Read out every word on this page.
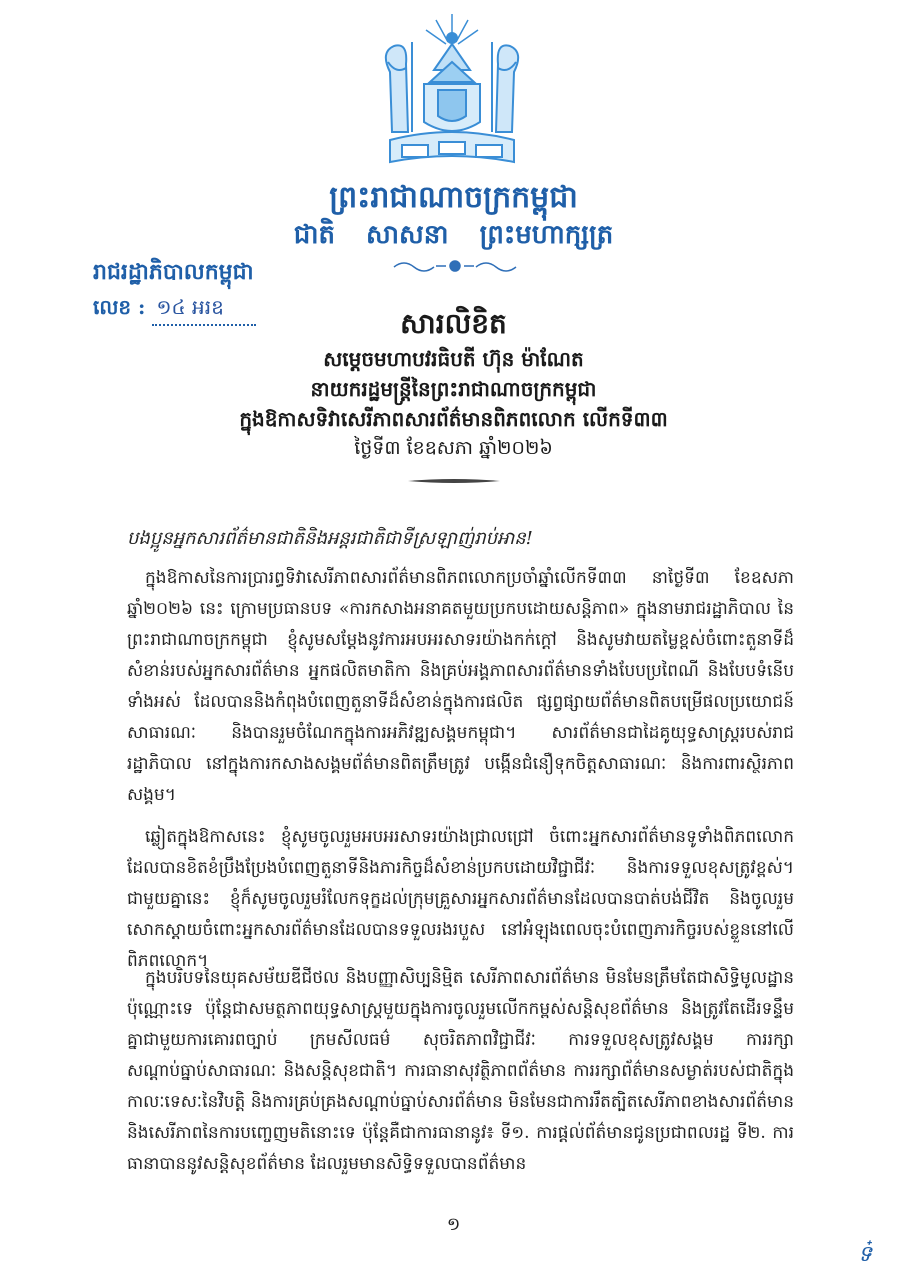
ព្រះរាជាណាចក្រកម្ពុជា
ជាតិ សាសនា ព្រះមហាក្សត្រ
រាជរដ្ឋាភិបាលកម្ពុជា
លេខ : ១៤ អរឧ	សារលិខិត
សម្តេចមហាបវរធិបតី ហ៊ុន ម៉ាណែត
នាយករដ្ឋមន្ត្រីនៃព្រះរាជាណាចក្រកម្ពុជា
ក្នុងឱកាសទិវាសេរីភាពសារព័ត៌មានពិភពលោក លើកទី៣៣
ថ្ងៃទី៣ ខែឧសភា ឆ្នាំ២០២៦
បងប្អូនអ្នកសារព័ត៌មានជាតិនិងអន្តរជាតិជាទីស្រឡាញ់រាប់អាន!
ក្នុងឱកាសនៃការប្រារព្ធទិវាសេរីភាពសារព័ត៌មានពិភពលោកប្រចាំឆ្នាំលើកទី៣៣ នាថ្ងៃទី៣ ខែឧសភា ឆ្នាំ២០២៦ នេះ ក្រោមប្រធានបទ «ការកសាងអនាគតមួយប្រកបដោយសន្តិភាព» ក្នុងនាមរាជរដ្ឋាភិបាល នៃព្រះរាជាណាចក្រកម្ពុជា ខ្ញុំសូមសម្តែងនូវការអបអរសាទរយ៉ាងកក់ក្តៅ និងសូមវាយតម្លៃខ្ពស់ចំពោះតួនាទីដ៏សំខាន់របស់អ្នកសារព័ត៌មាន អ្នកផលិតមាតិកា និងគ្រប់អង្គភាពសារព័ត៌មានទាំងបែបប្រពៃណី និងបែបទំនើបទាំងអស់ ដែលបាននិងកំពុងបំពេញតួនាទីដ៏សំខាន់ក្នុងការផលិត ផ្សព្វផ្សាយព័ត៌មានពិតបម្រើផលប្រយោជន៍សាធារណៈ និងបានរួមចំណែកក្នុងការអភិវឌ្ឍសង្គមកម្ពុជា។ សារព័ត៌មានជាដៃគូយុទ្ធសាស្ត្ររបស់រាជរដ្ឋាភិបាល នៅក្នុងការកសាងសង្គមព័ត៌មានពិតត្រឹមត្រូវ បង្កើនជំនឿទុកចិត្តសាធារណៈ និងការពារស្ថិរភាពសង្គម។
ឆ្លៀតក្នុងឱកាសនេះ ខ្ញុំសូមចូលរួមអបអរសាទរយ៉ាងជ្រាលជ្រៅ ចំពោះអ្នកសារព័ត៌មានទូទាំងពិភពលោក ដែលបានខិតខំប្រឹងប្រែងបំពេញតួនាទីនិងភារកិច្ចដ៏សំខាន់ប្រកបដោយវិជ្ជាជីវៈ និងការទទួលខុសត្រូវខ្ពស់។ ជាមួយគ្នានេះ ខ្ញុំក៏សូមចូលរួមរំលែកទុក្ខដល់ក្រុមគ្រួសារអ្នកសារព័ត៌មានដែលបានបាត់បង់ជីវិត និងចូលរួមសោកស្តាយចំពោះអ្នកសារព័ត៌មានដែលបានទទួលរងរបួស នៅអំឡុងពេលចុះបំពេញភារកិច្ចរបស់ខ្លួននៅលើពិភពលោក។
ក្នុងបរិបទនៃយុគសម័យឌីជីថល និងបញ្ញាសិប្បនិម្មិត សេរីភាពសារព័ត៌មាន មិនមែនត្រឹមតែជាសិទ្ធិមូលដ្ឋានប៉ុណ្ណោះទេ ប៉ុន្តែជាសមត្ថភាពយុទ្ធសាស្ត្រមួយក្នុងការចូលរួមលើកកម្ពស់សន្តិសុខព័ត៌មាន និងត្រូវតែដើរទន្ទឹមគ្នាជាមួយការគោរពច្បាប់ ក្រមសីលធម៌ សុចរិតភាពវិជ្ជាជីវៈ ការទទួលខុសត្រូវសង្គម ការរក្សាសណ្តាប់ធ្នាប់សាធារណៈ និងសន្តិសុខជាតិ។ ការធានាសុវត្ថិភាពព័ត៌មាន ការរក្សាព័ត៌មានសម្ងាត់របស់ជាតិក្នុងកាលៈទេសៈនៃវិបត្តិ និងការគ្រប់គ្រងសណ្តាប់ធ្នាប់សារព័ត៌មាន មិនមែនជាការរឹតត្បិតសេរីភាពខាងសារព័ត៌មាន និងសេរីភាពនៃការបញ្ចេញមតិនោះទេ ប៉ុន្តែគឺជាការធានានូវ៖ ទី១. ការផ្តល់ព័ត៌មានជូនប្រជាពលរដ្ឋ ទី២. ការធានាបាននូវសន្តិសុខព័ត៌មាន ដែលរួមមានសិទ្ធិទទួលបានព័ត៌មាន
១
ទ៎
